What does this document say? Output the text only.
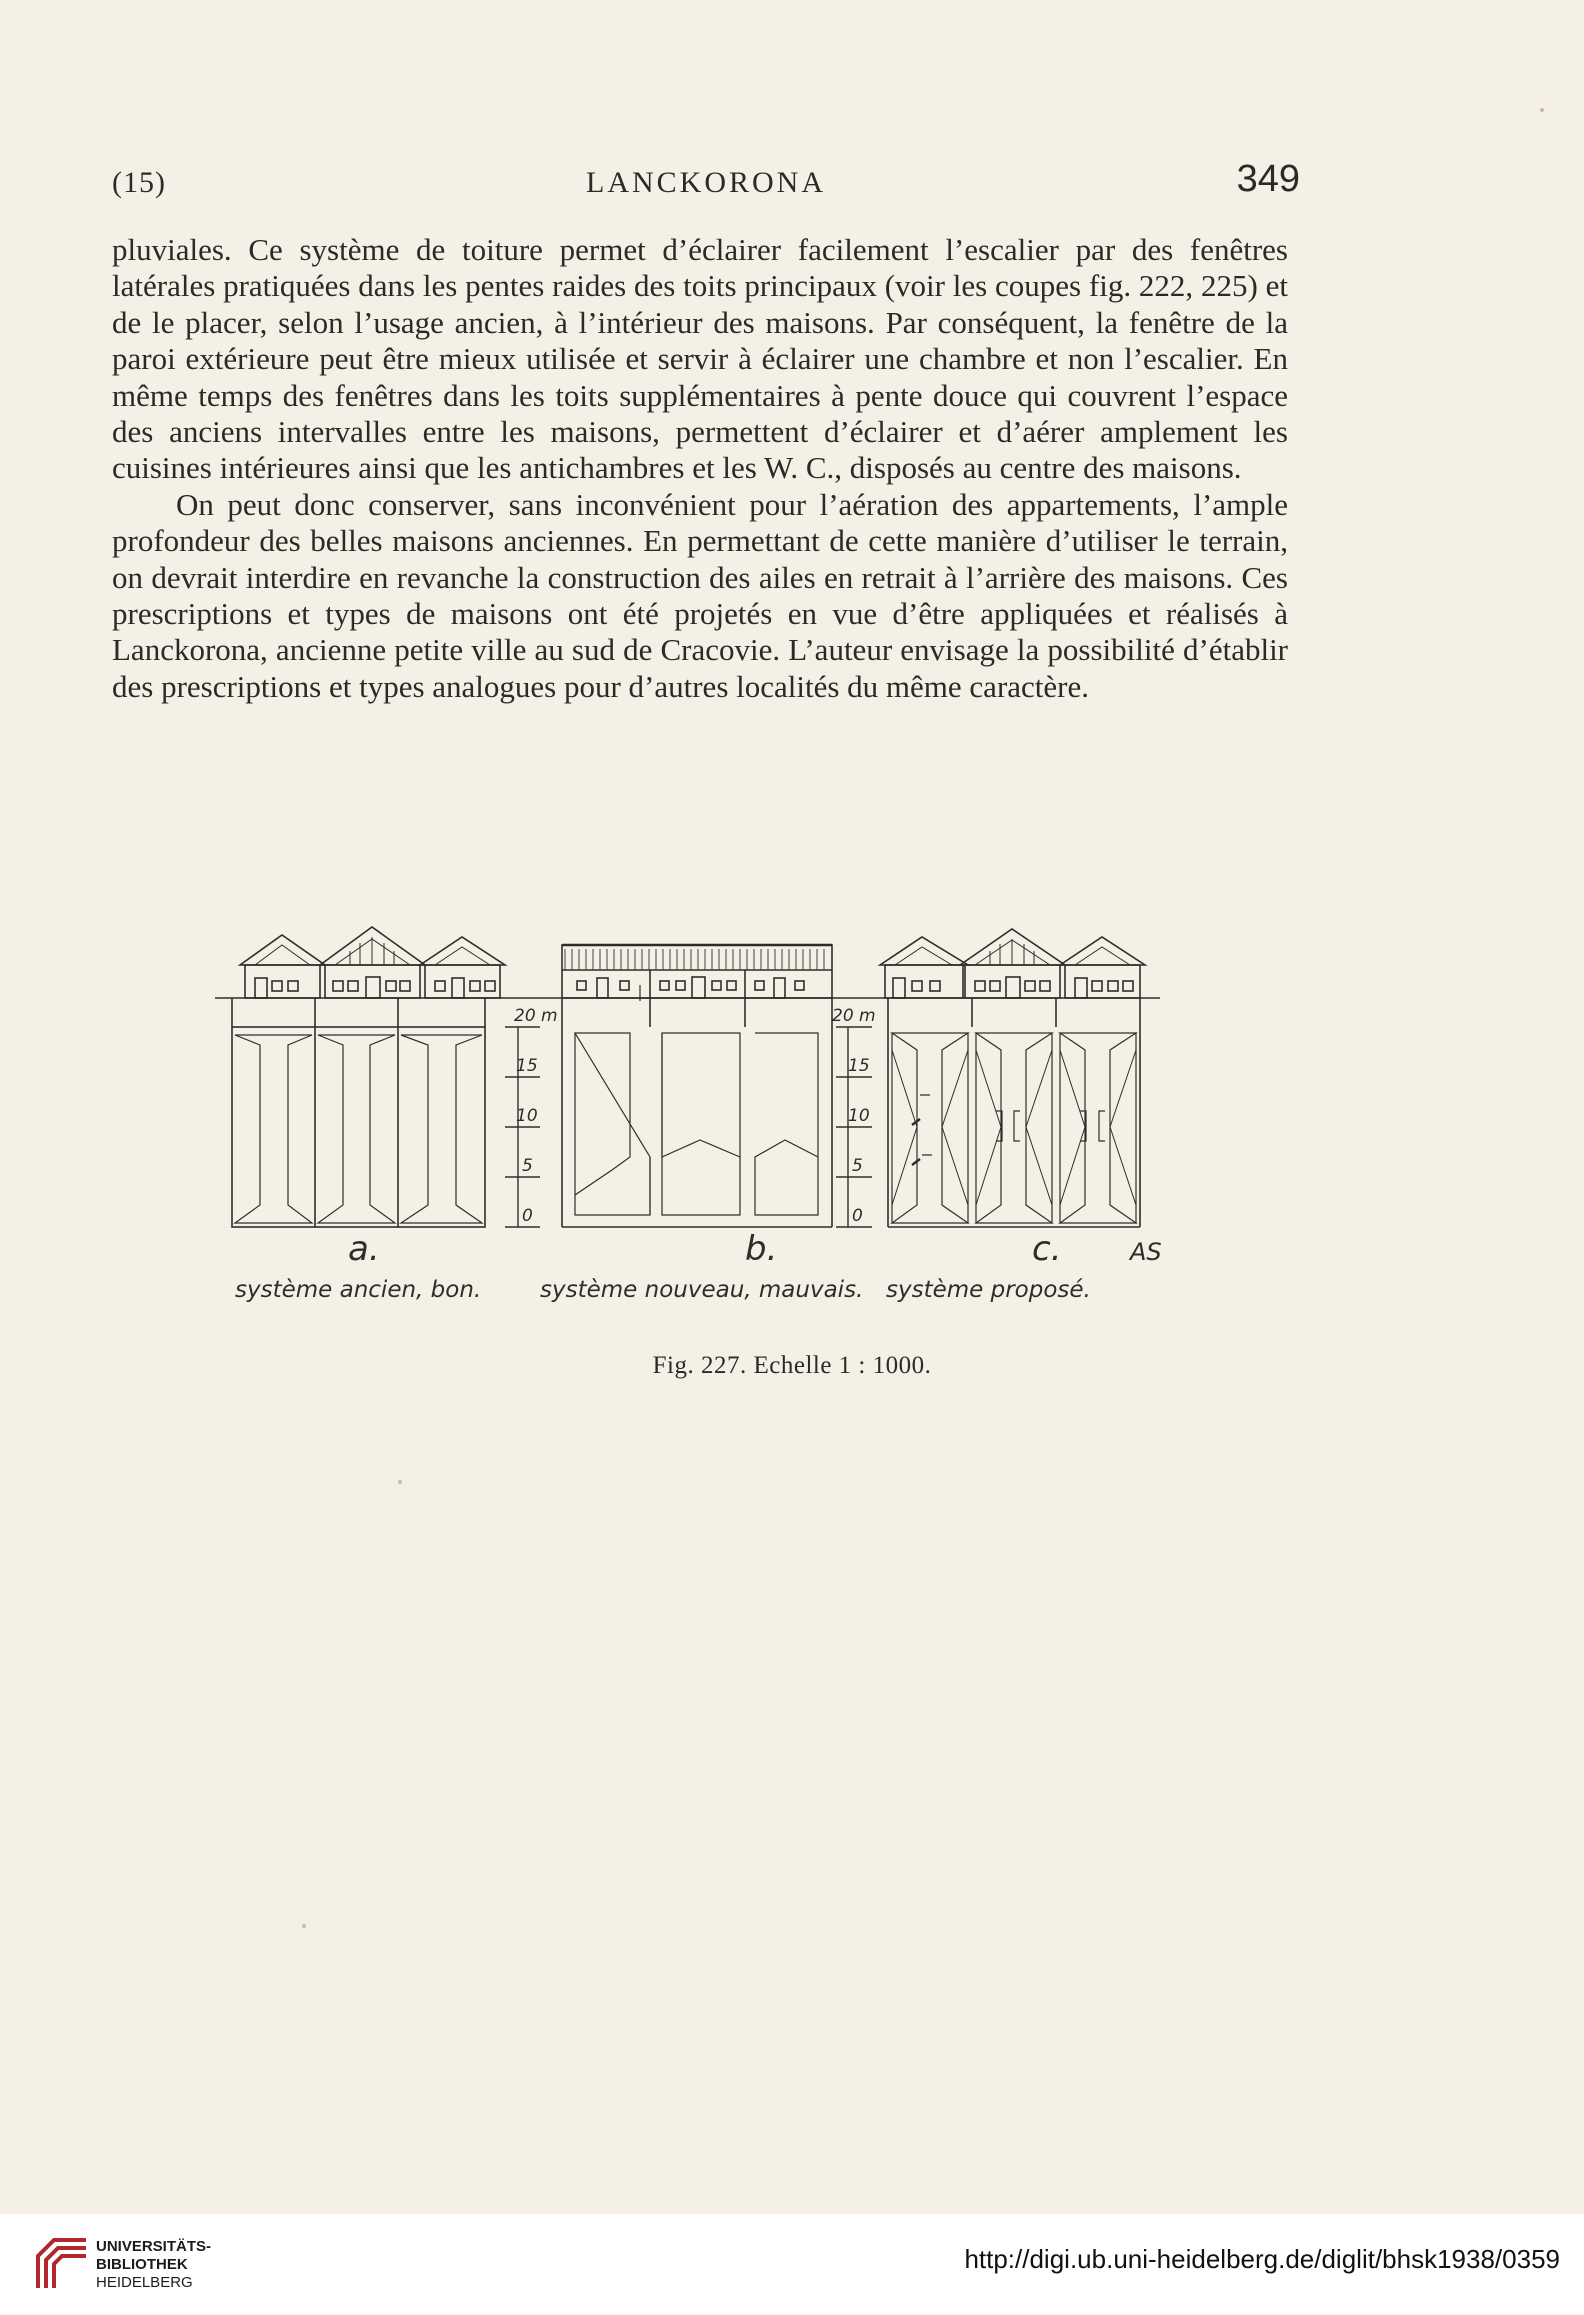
(15)	LANCKORONA	349

pluviales. Ce système de toiture permet d’éclairer facilement l’escalier par des fenêtres latérales pratiquées dans les pentes raides des toits principaux (voir les coupes fig. 222, 225) et de le placer, selon l’usage ancien, à l’intérieur des maisons. Par conséquent, la fenêtre de la paroi extérieure peut être mieux utilisée et servir à éclairer une chambre et non l’escalier. En même temps des fenêtres dans les toits supplémentaires à pente douce qui couvrent l’espace des anciens intervalles entre les maisons, permettent d’éclairer et d’aérer amplement les cuisines intérieures ainsi que les antichambres et les W. C., disposés au centre des maisons.

On peut donc conserver, sans inconvénient pour l’aération des appartements, l’ample profondeur des belles maisons anciennes. En permettant de cette manière d’utiliser le terrain, on devrait interdire en revanche la construction des ailes en retrait à l’arrière des maisons. Ces prescriptions et types de maisons ont été projetés en vue d’être appliquées et réalisés à Lanckorona, ancienne petite ville au sud de Cracovie. L’auteur envisage la possibilité d’établir des prescriptions et types analogues pour d’autres localités du même caractère.

20 m
15
10
5
0
20 m
15
10
5
0
a.	b.	c.	AS
système ancien, bon.	système nouveau, mauvais. système proposé.
Fig. 227. Echelle 1 : 1000.
UNIVERSITÄTS-
BIBLIOTHEK
HEIDELBERG
http://digi.ub.uni-heidelberg.de/diglit/bhsk1938/0359
